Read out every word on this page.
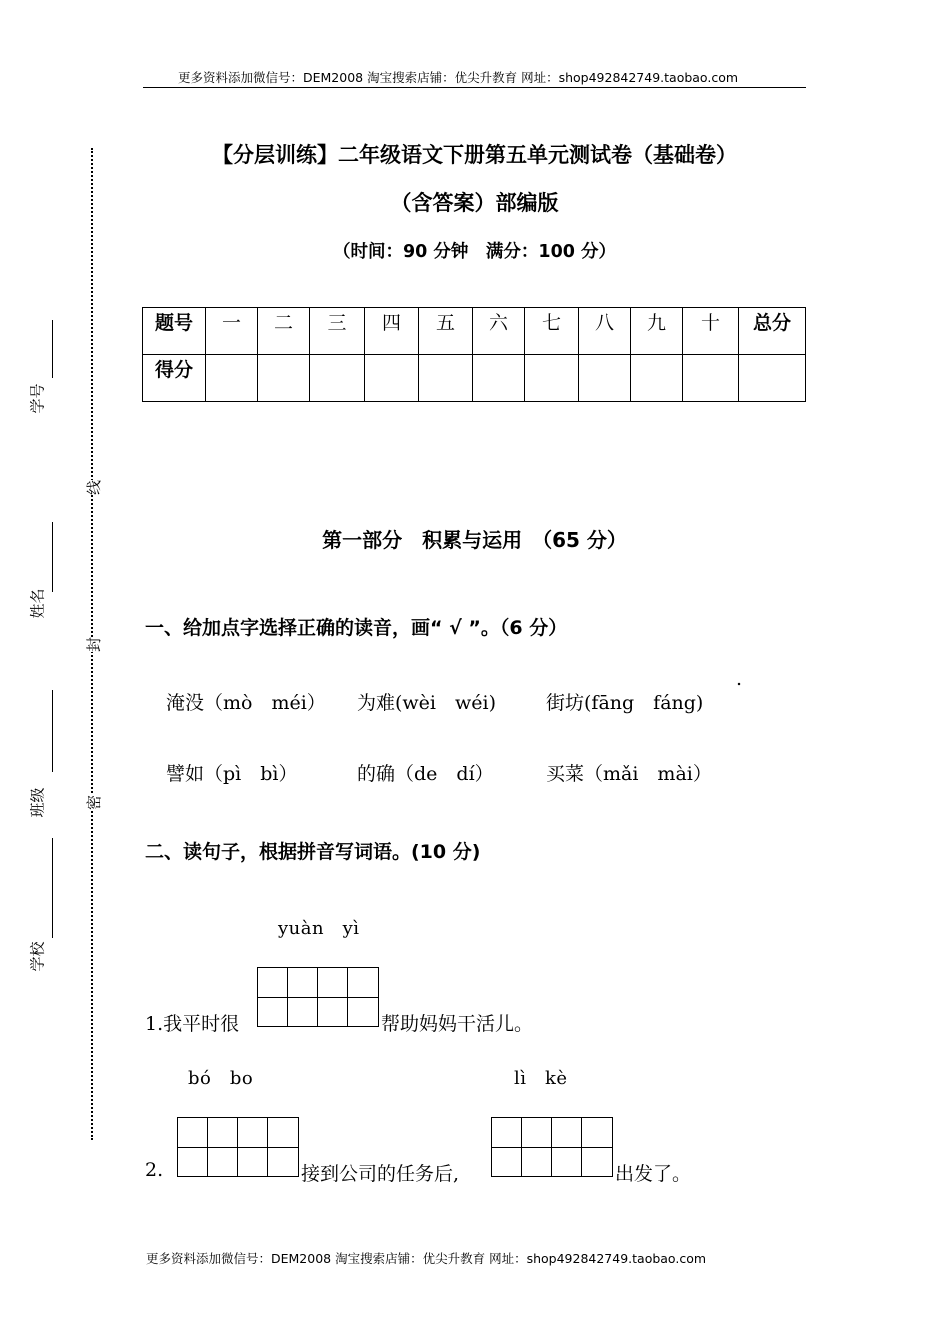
更多资料添加微信号：DEM2008 淘宝搜索店铺：优尖升教育 网址：shop492842749.taobao.com
学号
姓名
班级
学校
线
封
密
【分层训练】二年级语文下册第五单元测试卷（基础卷）
（含答案）部编版
（时间：90 分钟　满分：100 分）
题号	一	二	三	四	五	六	七	八	九	十	总分
得分											
第一部分　积累与运用　（65 分）
一、给加点字选择正确的读音，画“ √ ”。（6 分）
淹没（mò　méi） 为难(wèi　wéi)	街坊(fāng　fáng)
.
譬如（pì　bì）	的确（de　dí）	买菜（mǎi　mài）
二、读句子，根据拼音写词语。(10 分)
yuàn　yì
1.我平时很	帮助妈妈干活儿。
bó　bo	lì　kè
2.	接到公司的任务后,	出发了。
更多资料添加微信号：DEM2008 淘宝搜索店铺：优尖升教育 网址：shop492842749.taobao.com
